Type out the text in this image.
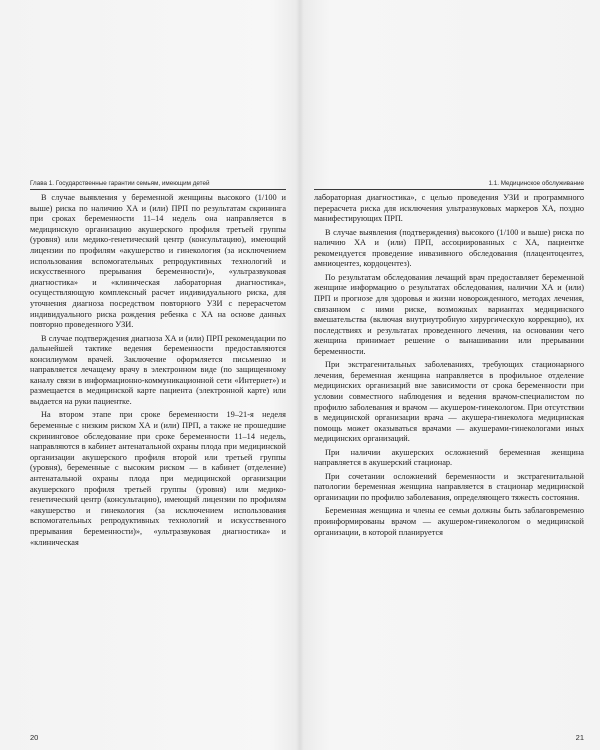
Глава 1. Государственные гарантии семьям, имеющим детей

В случае выявления у беременной женщины высокого (1/100 и выше) риска по наличию ХА и (или) ПРП по результатам скрининга при сроках беременности 11–14 недель она направляется в медицинскую организацию акушерского профиля третьей группы (уровня) или медико-генетический центр (консультацию), имеющий лицензии по профилям «акушерство и гинекология (за исключением использования вспомогательных репродуктивных технологий и искусственного прерывания беременности)», «ультразвуковая диагностика» и «клиническая лабораторная диагностика», осуществляющую комплексный расчет индивидуального риска, для уточнения диагноза посредством повторного УЗИ с перерасчетом индивидуального риска рождения ребенка с ХА на основе данных повторно проведенного УЗИ.

В случае подтверждения диагноза ХА и (или) ПРП рекомендации по дальнейшей тактике ведения беременности предоставляются консилиумом врачей. Заключение оформляется письменно и направляется лечащему врачу в электронном виде (по защищенному каналу связи в информационно-коммуникационной сети «Интернет») и размещается в медицинской карте пациента (электронной карте) или выдается на руки пациентке.

На втором этапе при сроке беременности 19–21-я неделя беременные с низким риском ХА и (или) ПРП, а также не прошедшие скрининговое обследование при сроке беременности 11–14 недель, направляются в кабинет антенатальной охраны плода при медицинской организации акушерского профиля второй или третьей группы (уровня), беременные с высоким риском — в кабинет (отделение) антенатальной охраны плода при медицинской организации акушерского профиля третьей группы (уровня) или медико-генетический центр (консультацию), имеющий лицензии по профилям «акушерство и гинекология (за исключением использования вспомогательных репродуктивных технологий и искусственного прерывания беременности)», «ультразвуковая диагностика» и «клиническая

20
1.1. Медицинское обслуживание

лабораторная диагностика», с целью проведения УЗИ и программного перерасчета риска для исключения ультразвуковых маркеров ХА, поздно манифестирующих ПРП.

В случае выявления (подтверждения) высокого (1/100 и выше) риска по наличию ХА и (или) ПРП, ассоциированных с ХА, пациентке рекомендуется проведение инвазивного обследования (плацентоцентез, амниоцентез, кордоцентез).

По результатам обследования лечащий врач предоставляет беременной женщине информацию о результатах обследования, наличии ХА и (или) ПРП и прогнозе для здоровья и жизни новорожденного, методах лечения, связанном с ними риске, возможных вариантах медицинского вмешательства (включая внутриутробную хирургическую коррекцию), их последствиях и результатах проведенного лечения, на основании чего женщина принимает решение о вынашивании или прерывании беременности.

При экстрагенитальных заболеваниях, требующих стационарного лечения, беременная женщина направляется в профильное отделение медицинских организаций вне зависимости от срока беременности при условии совместного наблюдения и ведения врачом-специалистом по профилю заболевания и врачом — акушером-гинекологом. При отсутствии в медицинской организации врача — акушера-гинеколога медицинская помощь может оказываться врачами — акушерами-гинекологами иных медицинских организаций.

При наличии акушерских осложнений беременная женщина направляется в акушерский стационар.

При сочетании осложнений беременности и экстрагенитальной патологии беременная женщина направляется в стационар медицинской организации по профилю заболевания, определяющего тяжесть состояния.

Беременная женщина и члены ее семьи должны быть заблаговременно проинформированы врачом — акушером-гинекологом о медицинской организации, в которой планируется

21
